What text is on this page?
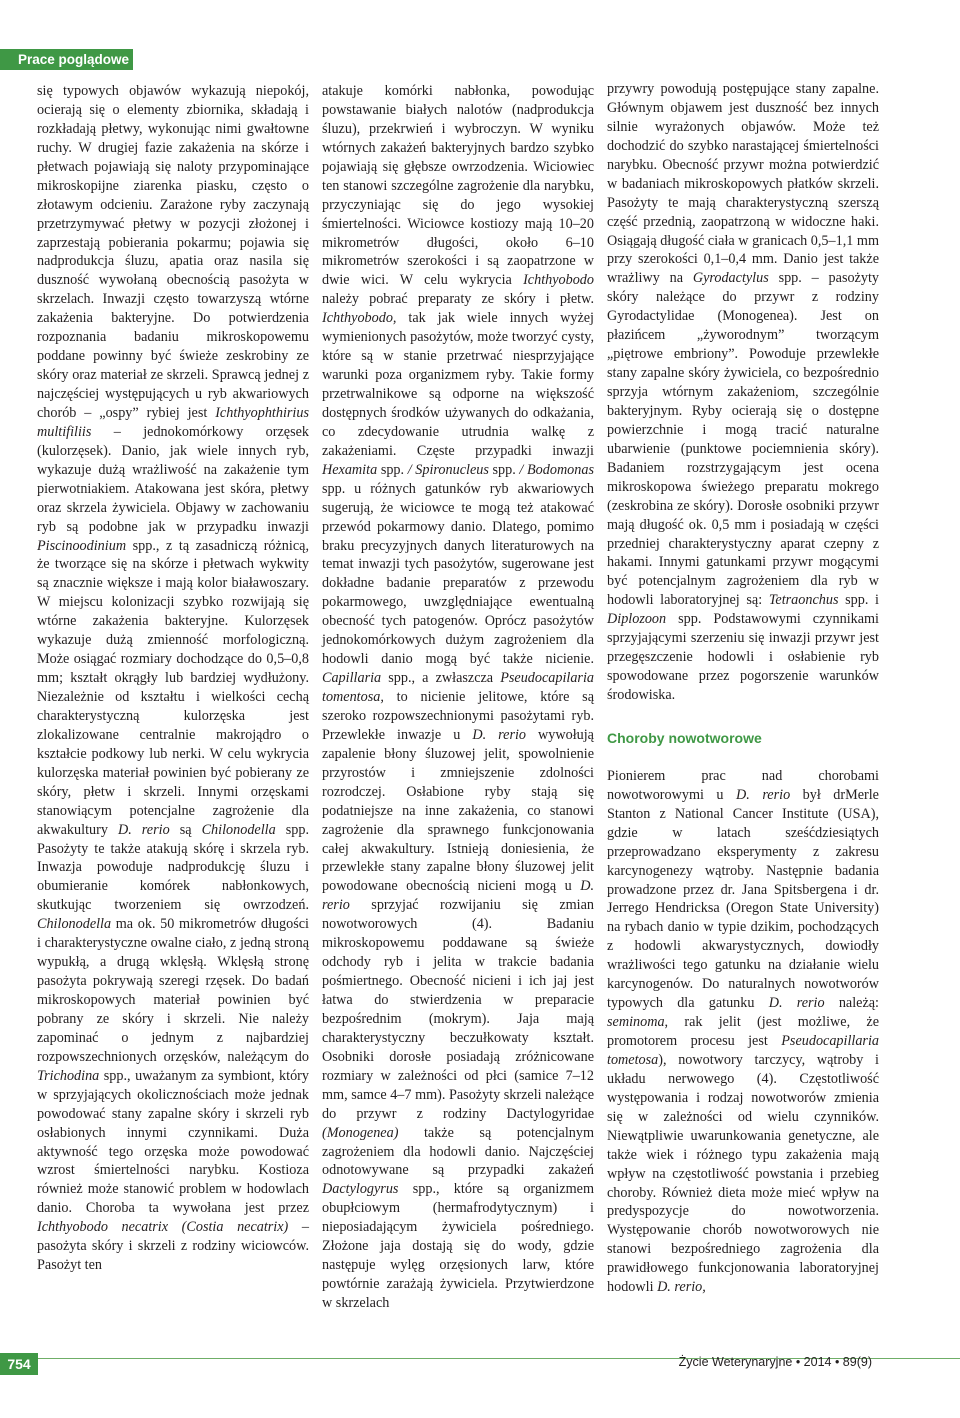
Prace poglądowe

się typowych objawów wykazują niepokój, ocierają się o elementy zbiornika, składają i rozkładają płetwy, wykonując nimi gwałtowne ruchy. W drugiej fazie zakażenia na skórze i płetwach pojawiają się naloty przypominające mikroskopijne ziarenka piasku, często o złotawym odcieniu. Zarażone ryby zaczynają przetrzymywać płetwy w pozycji złożonej i zaprzestają pobierania pokarmu; pojawia się nadprodukcja śluzu, apatia oraz nasila się duszność wywołaną obecnością pasożyta w skrzelach. Inwazji często towarzyszą wtórne zakażenia bakteryjne. Do potwierdzenia rozpoznania badaniu mikroskopowemu poddane powinny być świeże zeskrobiny ze skóry oraz materiał ze skrzeli. Sprawcą jednej z najczęściej występujących u ryb akwariowych chorób – „ospy” rybiej jest Ichthyophthirius multifiliis – jednokomórkowy orzęsek (kulorzęsek). Danio, jak wiele innych ryb, wykazuje dużą wrażliwość na zakażenie tym pierwotniakiem. Atakowana jest skóra, płetwy oraz skrzela żywiciela. Objawy w zachowaniu ryb są podobne jak w przypadku inwazji Piscinoodinium spp., z tą zasadniczą różnicą, że tworzące się na skórze i płetwach wykwity są znacznie większe i mają kolor białawoszary. W miejscu kolonizacji szybko rozwijają się wtórne zakażenia bakteryjne. Kulorzęsek wykazuje dużą zmienność morfologiczną. Może osiągać rozmiary dochodzące do 0,5–0,8 mm; kształt okrągły lub bardziej wydłużony. Niezależnie od kształtu i wielkości cechą charakterystyczną kulorzęska jest zlokalizowane centralnie makrojądro o kształcie podkowy lub nerki. W celu wykrycia kulorzęska materiał powinien być pobierany ze skóry, płetw i skrzeli. Innymi orzęskami stanowiącym potencjalne zagrożenie dla akwakultury D. rerio są Chilonodella spp. Pasożyty te także atakują skórę i skrzela ryb. Inwazja powoduje nadprodukcję śluzu i obumieranie komórek nabłonkowych, skutkując tworzeniem się owrzodzeń. Chilonodella ma ok. 50 mikrometrów długości i charakterystyczne owalne ciało, z jedną stroną wypukłą, a drugą wklęsłą. Wklęsłą stronę pasożyta pokrywają szeregi rzęsek. Do badań mikroskopowych materiał powinien być pobrany ze skóry i skrzeli. Nie należy zapominać o jednym z najbardziej rozpowszechnionych orzęsków, należącym do Trichodina spp., uważanym za symbiont, który w sprzyjających okolicznościach może jednak powodować stany zapalne skóry i skrzeli ryb osłabionych innymi czynnikami. Duża aktywność tego orzęska może powodować wzrost śmiertelności narybku. Kostioza również może stanowić problem w hodowlach danio. Choroba ta wywołana jest przez Ichthyobodo necatrix (Costia necatrix) – pasożyta skóry i skrzeli z rodziny wiciowców. Pasożyt ten

atakuje komórki nabłonka, powodując powstawanie białych nalotów (nadprodukcja śluzu), przekrwień i wybroczyn. W wyniku wtórnych zakażeń bakteryjnych bardzo szybko pojawiają się głębsze owrzodzenia. Wiciowiec ten stanowi szczególne zagrożenie dla narybku, przyczyniając się do jego wysokiej śmiertelności. Wiciowce kostiozy mają 10–20 mikrometrów długości, około 6–10 mikrometrów szerokości i są zaopatrzone w dwie wici. W celu wykrycia Ichthyobodo należy pobrać preparaty ze skóry i płetw. Ichthyobodo, tak jak wiele innych wyżej wymienionych pasożytów, może tworzyć cysty, które są w stanie przetrwać niesprzyjające warunki poza organizmem ryby. Takie formy przetrwalnikowe są odporne na większość dostępnych środków używanych do odkażania, co zdecydowanie utrudnia walkę z zakażeniami. Częste przypadki inwazji Hexamita spp. / Spironucleus spp. / Bodomonas spp. u różnych gatunków ryb akwariowych sugerują, że wiciowce te mogą też atakować przewód pokarmowy danio. Dlatego, pomimo braku precyzyjnych danych literaturowych na temat inwazji tych pasożytów, sugerowane jest dokładne badanie preparatów z przewodu pokarmowego, uwzględniające ewentualną obecność tych patogenów. Oprócz pasożytów jednokomórkowych dużym zagrożeniem dla hodowli danio mogą być także nicienie. Capillaria spp., a zwłaszcza Pseudocapilaria tomentosa, to nicienie jelitowe, które są szeroko rozpowszechnionymi pasożytami ryb. Przewlekłe inwazje u D. rerio wywołują zapalenie błony śluzowej jelit, spowolnienie przyrostów i zmniejszenie zdolności rozrodczej. Osłabione ryby stają się podatniejsze na inne zakażenia, co stanowi zagrożenie dla sprawnego funkcjonowania całej akwakultury. Istnieją doniesienia, że przewlekłe stany zapalne błony śluzowej jelit powodowane obecnością nicieni mogą u D. rerio sprzyjać rozwijaniu się zmian nowotworowych (4). Badaniu mikroskopowemu poddawane są świeże odchody ryb i jelita w trakcie badania pośmiertnego. Obecność nicieni i ich jaj jest łatwa do stwierdzenia w preparacie bezpośrednim (mokrym). Jaja mają charakterystyczny beczułkowaty kształt. Osobniki dorosłe posiadają zróżnicowane rozmiary w zależności od płci (samice 7–12 mm, samce 4–7 mm). Pasożyty skrzeli należące do przywr z rodziny Dactylogyridae (Monogenea) także są potencjalnym zagrożeniem dla hodowli danio. Najczęściej odnotowywane są przypadki zakażeń Dactylogyrus spp., które są organizmem obupłciowym (hermafrodytycznym) i nieposiadającym żywiciela pośredniego. Złożone jaja dostają się do wody, gdzie następuje wylęg orzęsionych larw, które powtórnie zarażają żywiciela. Przytwierdzone w skrzelach

przywry powodują postępujące stany zapalne. Głównym objawem jest duszność bez innych silnie wyrażonych objawów. Może też dochodzić do szybko narastającej śmiertelności narybku. Obecność przywr można potwierdzić w badaniach mikroskopowych płatków skrzeli. Pasożyty te mają charakterystyczną szerszą część przednią, zaopatrzoną w widoczne haki. Osiągają długość ciała w granicach 0,5–1,1 mm przy szerokości 0,1–0,4 mm. Danio jest także wrażliwy na Gyrodactylus spp. – pasożyty skóry należące do przywr z rodziny Gyrodactylidae (Monogenea). Jest on płazińcem „żyworodnym” tworzącym „piętrowe embriony”. Powoduje przewlekłe stany zapalne skóry żywiciela, co bezpośrednio sprzyja wtórnym zakażeniom, szczególnie bakteryjnym. Ryby ocierają się o dostępne powierzchnie i mogą tracić naturalne ubarwienie (punktowe pociemnienia skóry). Badaniem rozstrzygającym jest ocena mikroskopowa świeżego preparatu mokrego (zeskrobina ze skóry). Dorosłe osobniki przywr mają długość ok. 0,5 mm i posiadają w części przedniej charakterystyczny aparat czepny z hakami. Innymi gatunkami przywr mogącymi być potencjalnym zagrożeniem dla ryb w hodowli laboratoryjnej są: Tetraonchus spp. i Diplozoon spp. Podstawowymi czynnikami sprzyjającymi szerzeniu się inwazji przywr jest przegęszczenie hodowli i osłabienie ryb spowodowane przez pogorszenie warunków środowiska.

Choroby nowotworowe

Pionierem prac nad chorobami nowotworowymi u D. rerio był drMerle Stanton z National Cancer Institute (USA), gdzie w latach sześćdziesiątych przeprowadzano eksperymenty z zakresu karcynogenezy wątroby. Następnie badania prowadzone przez dr. Jana Spitsbergena i dr. Jerrego Hendricksa (Oregon State University) na rybach danio w typie dzikim, pochodzących z hodowli akwarystycznych, dowiodły wrażliwości tego gatunku na działanie wielu karcynogenów. Do naturalnych nowotworów typowych dla gatunku D. rerio należą: seminoma, rak jelit (jest możliwe, że promotorem procesu jest Pseudocapillaria tometosa), nowotwory tarczycy, wątroby i układu nerwowego (4). Częstotliwość występowania i rodzaj nowotworów zmienia się w zależności od wielu czynników. Niewątpliwie uwarunkowania genetyczne, ale także wiek i różnego typu zakażenia mają wpływ na częstotliwość powstania i przebieg choroby. Również dieta może mieć wpływ na predyspozycje do nowotworzenia. Występowanie chorób nowotworowych nie stanowi bezpośredniego zagrożenia dla prawidłowego funkcjonowania laboratoryjnej hodowli D. rerio,

754	Życie Weterynaryjne • 2014 • 89(9)
